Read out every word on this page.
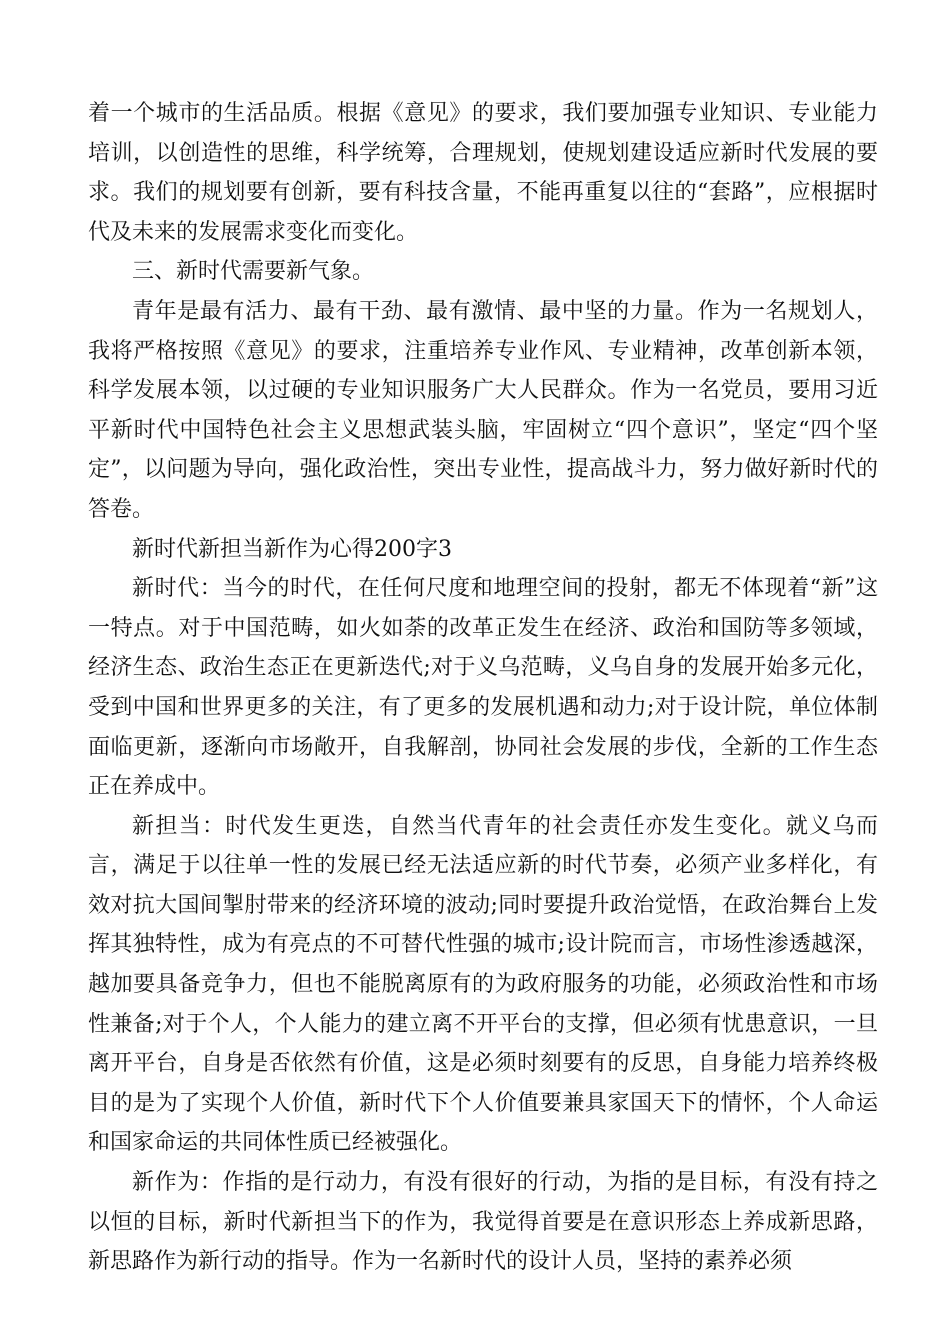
着一个城市的生活品质。根据《意见》的要求，我们要加强专业知识、专业能力培训，以创造性的思维，科学统筹，合理规划，使规划建设适应新时代发展的要求。我们的规划要有创新，要有科技含量，不能再重复以往的“套路”，应根据时代及未来的发展需求变化而变化。

三、新时代需要新气象。

青年是最有活力、最有干劲、最有激情、最中坚的力量。作为一名规划人，我将严格按照《意见》的要求，注重培养专业作风、专业精神，改革创新本领，科学发展本领，以过硬的专业知识服务广大人民群众。作为一名党员，要用习近平新时代中国特色社会主义思想武装头脑，牢固树立“四个意识”，坚定“四个坚定”，以问题为导向，强化政治性，突出专业性，提高战斗力，努力做好新时代的答卷。

新时代新担当新作为心得200字3

新时代：当今的时代，在任何尺度和地理空间的投射，都无不体现着“新”这一特点。对于中国范畴，如火如荼的改革正发生在经济、政治和国防等多领域，经济生态、政治生态正在更新迭代;对于义乌范畴，义乌自身的发展开始多元化，受到中国和世界更多的关注，有了更多的发展机遇和动力;对于设计院，单位体制面临更新，逐渐向市场敞开，自我解剖，协同社会发展的步伐，全新的工作生态正在养成中。

新担当：时代发生更迭，自然当代青年的社会责任亦发生变化。就义乌而言，满足于以往单一性的发展已经无法适应新的时代节奏，必须产业多样化，有效对抗大国间掣肘带来的经济环境的波动;同时要提升政治觉悟，在政治舞台上发挥其独特性，成为有亮点的不可替代性强的城市;设计院而言，市场性渗透越深，越加要具备竞争力，但也不能脱离原有的为政府服务的功能，必须政治性和市场性兼备;对于个人，个人能力的建立离不开平台的支撑，但必须有忧患意识，一旦离开平台，自身是否依然有价值，这是必须时刻要有的反思，自身能力培养终极目的是为了实现个人价值，新时代下个人价值要兼具家国天下的情怀，个人命运和国家命运的共同体性质已经被强化。

新作为：作指的是行动力，有没有很好的行动，为指的是目标，有没有持之以恒的目标，新时代新担当下的作为，我觉得首要是在意识形态上养成新思路，新思路作为新行动的指导。作为一名新时代的设计人员，坚持的素养必须
